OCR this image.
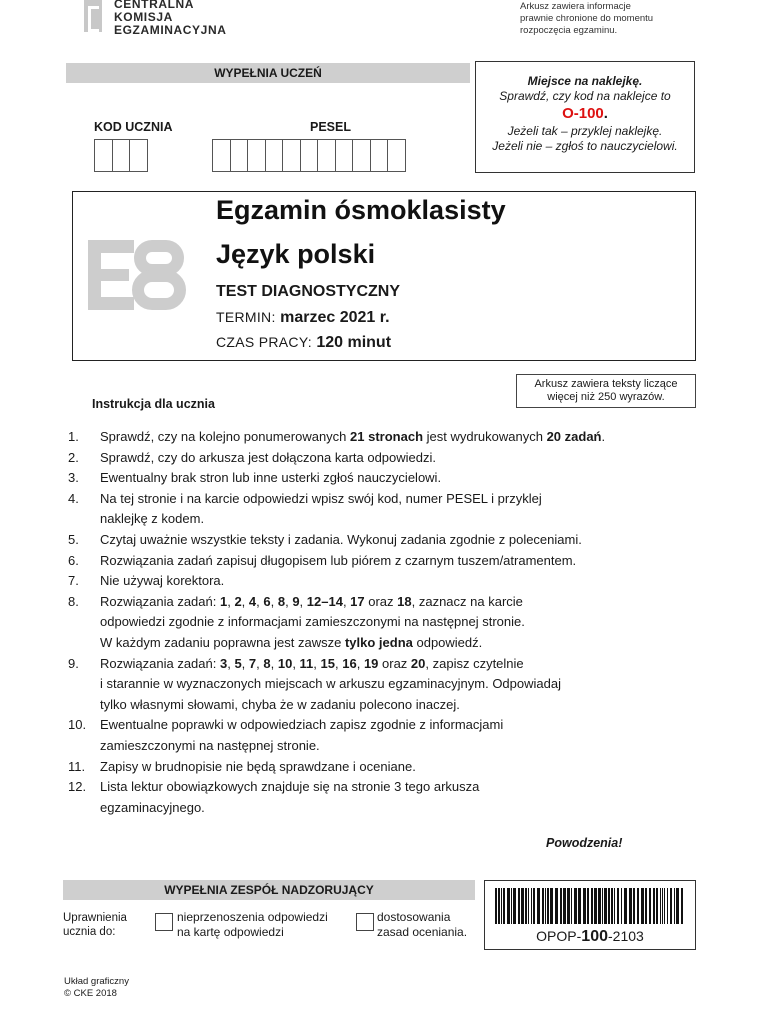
CENTRALNA
KOMISJA
EGZAMINACYJNA
Arkusz zawiera informacje
prawnie chronione do momentu
rozpoczęcia egzaminu.
WYPEŁNIA UCZEŃ
KOD UCZNIA	PESEL
Miejsce na naklejkę.
Sprawdź, czy kod na naklejce to
O-100.
Jeżeli tak – przyklej naklejkę.
Jeżeli nie – zgłoś to nauczycielowi.
Egzamin ósmoklasisty
Język polski
TEST DIAGNOSTYCZNY
TERMIN: marzec 2021 r.
CZAS PRACY: 120 minut
Arkusz zawiera teksty liczące
więcej niż 250 wyrazów.
Instrukcja dla ucznia
1.	Sprawdź, czy na kolejno ponumerowanych 21 stronach jest wydrukowanych 20 zadań.
2.	Sprawdź, czy do arkusza jest dołączona karta odpowiedzi.
3.	Ewentualny brak stron lub inne usterki zgłoś nauczycielowi.
4.	Na tej stronie i na karcie odpowiedzi wpisz swój kod, numer PESEL i przyklej
naklejkę z kodem.
5.	Czytaj uważnie wszystkie teksty i zadania. Wykonuj zadania zgodnie z poleceniami.
6.	Rozwiązania zadań zapisuj długopisem lub piórem z czarnym tuszem/atramentem.
7.	Nie używaj korektora.
8.	Rozwiązania zadań: 1, 2, 4, 6, 8, 9, 12–14, 17 oraz 18, zaznacz na karcie
odpowiedzi zgodnie z informacjami zamieszczonymi na następnej stronie.
W każdym zadaniu poprawna jest zawsze tylko jedna odpowiedź.
9.	Rozwiązania zadań: 3, 5, 7, 8, 10, 11, 15, 16, 19 oraz 20, zapisz czytelnie
i starannie w wyznaczonych miejscach w arkuszu egzaminacyjnym. Odpowiadaj
tylko własnymi słowami, chyba że w zadaniu polecono inaczej.
10.	Ewentualne poprawki w odpowiedziach zapisz zgodnie z informacjami
zamieszczonymi na następnej stronie.
11.	Zapisy w brudnopisie nie będą sprawdzane i oceniane.
12.	Lista lektur obowiązkowych znajduje się na stronie 3 tego arkusza
egzaminacyjnego.
Powodzenia!
WYPEŁNIA ZESPÓŁ NADZORUJĄCY
Uprawnienia
ucznia do:
nieprzenoszenia odpowiedzi
na kartę odpowiedzi
dostosowania
zasad oceniania.	OPOP-100-2103
Układ graficzny
© CKE 2018
